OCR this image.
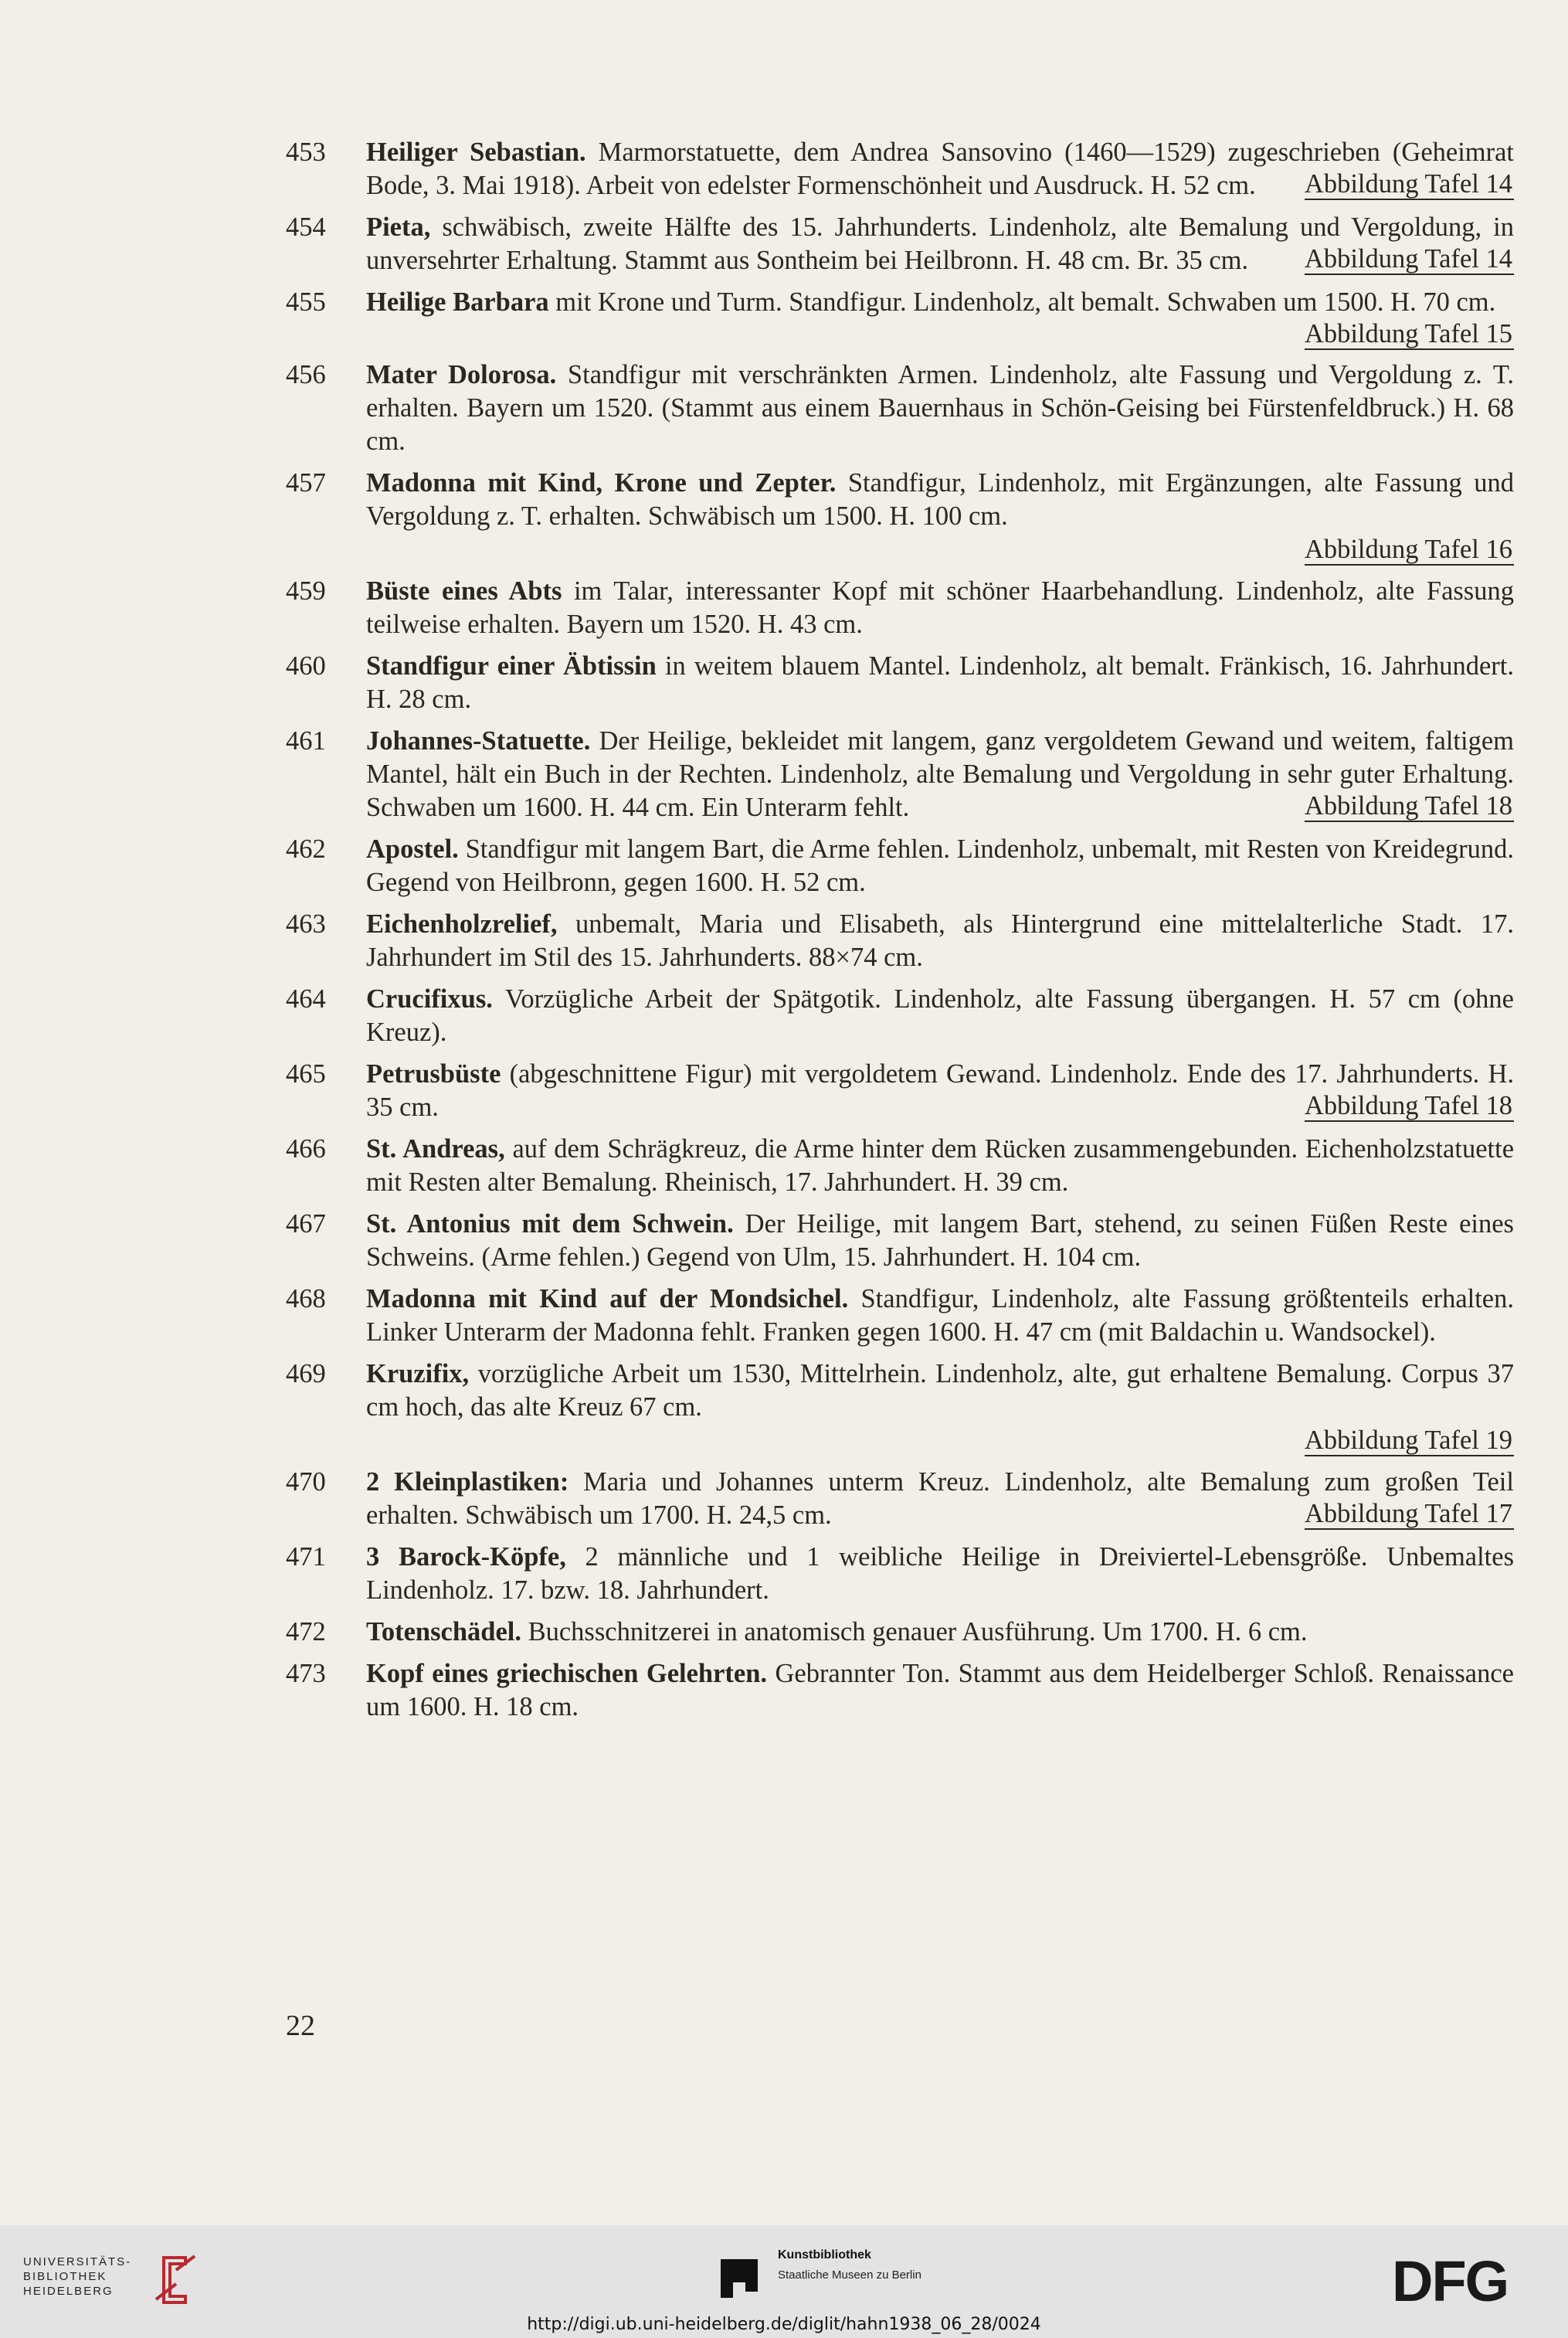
453	Heiliger Sebastian. Marmorstatuette, dem Andrea Sansovino (1460—1529) zugeschrieben (Geheimrat Bode, 3. Mai 1918). Arbeit von edelster Formenschönheit und Ausdruck. H. 52 cm. Abbildung Tafel 14
454	Pieta, schwäbisch, zweite Hälfte des 15. Jahrhunderts. Lindenholz, alte Bemalung und Vergoldung, in unversehrter Erhaltung. Stammt aus Sontheim bei Heilbronn. H. 48 cm. Br. 35 cm. Abbildung Tafel 14
455	Heilige Barbara mit Krone und Turm. Standfigur. Lindenholz, alt bemalt. Schwaben um 1500. H. 70 cm.
Abbildung Tafel 15
456	Mater Dolorosa. Standfigur mit verschränkten Armen. Lindenholz, alte Fassung und Vergoldung z. T. erhalten. Bayern um 1520. (Stammt aus einem Bauernhaus in Schön-Geising bei Fürstenfeldbruck.) H. 68 cm.
457	Madonna mit Kind, Krone und Zepter. Standfigur, Lindenholz, mit Ergänzungen, alte Fassung und Vergoldung z. T. erhalten. Schwäbisch um 1500. H. 100 cm.
Abbildung Tafel 16
459	Büste eines Abts im Talar, interessanter Kopf mit schöner Haarbehandlung. Lindenholz, alte Fassung teilweise erhalten. Bayern um 1520. H. 43 cm.
460	Standfigur einer Äbtissin in weitem blauem Mantel. Lindenholz, alt bemalt. Fränkisch, 16. Jahrhundert. H. 28 cm.
461	Johannes-Statuette. Der Heilige, bekleidet mit langem, ganz vergoldetem Gewand und weitem, faltigem Mantel, hält ein Buch in der Rechten. Lindenholz, alte Bemalung und Vergoldung in sehr guter Erhaltung. Schwaben um 1600. H. 44 cm. Ein Unterarm fehlt.	Abbildung Tafel 18
462	Apostel. Standfigur mit langem Bart, die Arme fehlen. Lindenholz, unbemalt, mit Resten von Kreidegrund. Gegend von Heilbronn, gegen 1600. H. 52 cm.
463	Eichenholzrelief, unbemalt, Maria und Elisabeth, als Hintergrund eine mittelalterliche Stadt. 17. Jahrhundert im Stil des 15. Jahrhunderts. 88×74 cm.
464	Crucifixus. Vorzügliche Arbeit der Spätgotik. Lindenholz, alte Fassung übergangen. H. 57 cm (ohne Kreuz).
465	Petrusbüste (abgeschnittene Figur) mit vergoldetem Gewand. Lindenholz. Ende des 17. Jahrhunderts. H. 35 cm.	Abbildung Tafel 18
466	St. Andreas, auf dem Schrägkreuz, die Arme hinter dem Rücken zusammengebunden. Eichenholzstatuette mit Resten alter Bemalung. Rheinisch, 17. Jahrhundert. H. 39 cm.
467	St. Antonius mit dem Schwein. Der Heilige, mit langem Bart, stehend, zu seinen Füßen Reste eines Schweins. (Arme fehlen.) Gegend von Ulm, 15. Jahrhundert. H. 104 cm.
468	Madonna mit Kind auf der Mondsichel. Standfigur, Lindenholz, alte Fassung größtenteils erhalten. Linker Unterarm der Madonna fehlt. Franken gegen 1600. H. 47 cm (mit Baldachin u. Wandsockel).
469	Kruzifix, vorzügliche Arbeit um 1530, Mittelrhein. Lindenholz, alte, gut erhaltene Bemalung. Corpus 37 cm hoch, das alte Kreuz 67 cm.
Abbildung Tafel 19
470	2 Kleinplastiken: Maria und Johannes unterm Kreuz. Lindenholz, alte Bemalung zum großen Teil erhalten. Schwäbisch um 1700. H. 24,5 cm.	Abbildung Tafel 17
471	3 Barock-Köpfe, 2 männliche und 1 weibliche Heilige in Dreiviertel-Lebensgröße. Unbemaltes Lindenholz. 17. bzw. 18. Jahrhundert.
472	Totenschädel. Buchsschnitzerei in anatomisch genauer Ausführung. Um 1700. H. 6 cm.
473	Kopf eines griechischen Gelehrten. Gebrannter Ton. Stammt aus dem Heidelberger Schloß. Renaissance um 1600. H. 18 cm.
22
UNIVERSITÄTS-
BIBLIOTHEK
HEIDELBERG
Kunstbibliothek
Staatliche Museen zu Berlin	DFG
http://digi.ub.uni-heidelberg.de/diglit/hahn1938_06_28/0024
